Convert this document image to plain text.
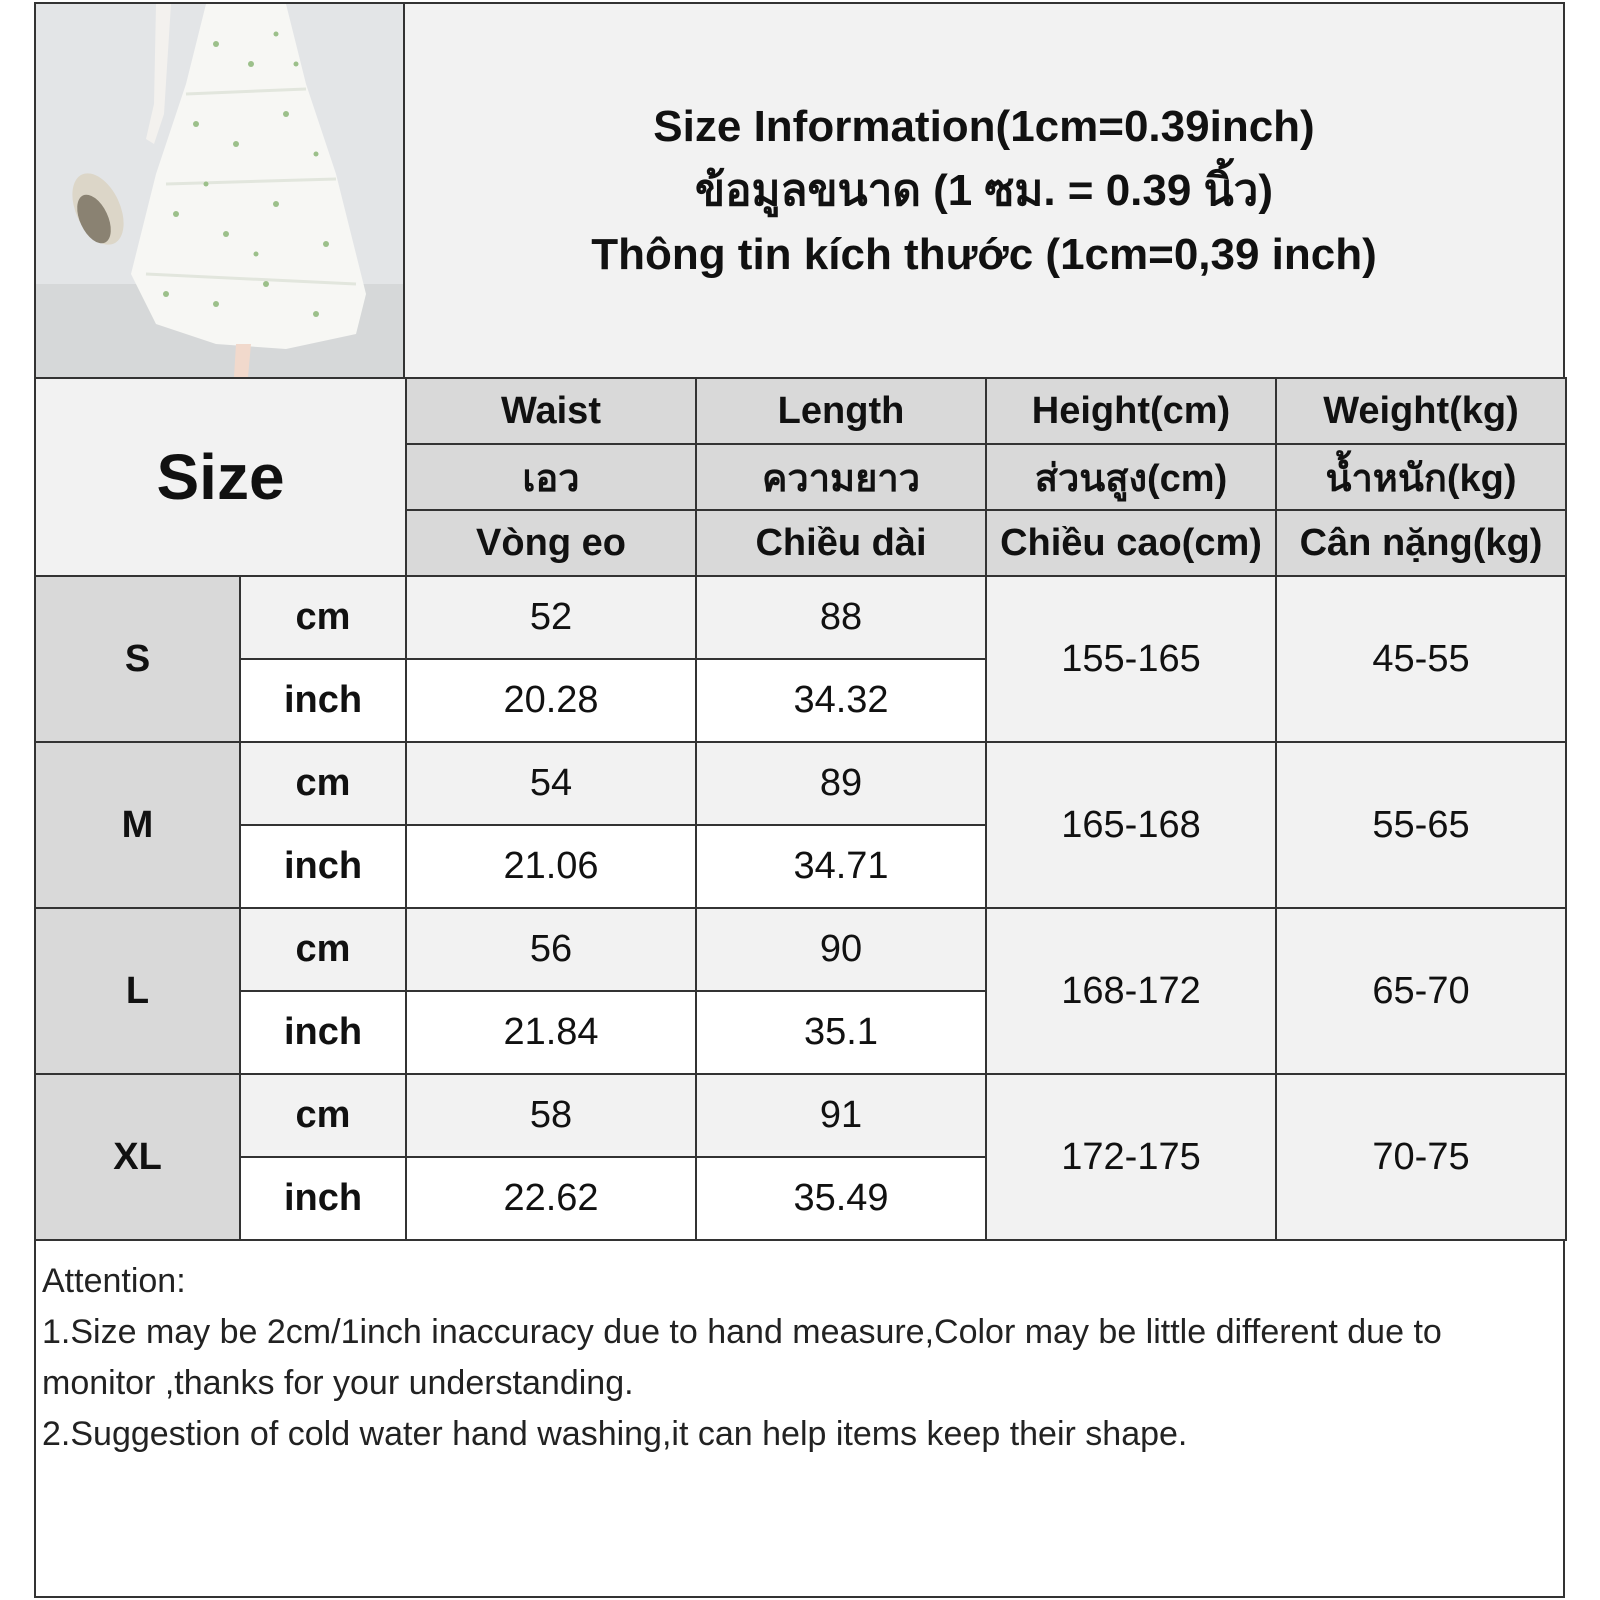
Size Information(1cm=0.39inch)
ข้อมูลขนาด (1 ซม. = 0.39 นิ้ว)
Thông tin kích thước (1cm=0,39 inch)
Size		Waist	Length	Height(cm)	Weight(kg)
		เอว	ความยาว	ส่วนสูง(cm)	น้ำหนัก(kg)
		Vòng eo	Chiều dài	Chiều cao(cm)	Cân nặng(kg)
S	cm	52	88	155-165	45-55
	inch	20.28	34.32		
M	cm	54	89	165-168	55-65
	inch	21.06	34.71		
L	cm	56	90	168-172	65-70
	inch	21.84	35.1		
XL	cm	58	91	172-175	70-75
	inch	22.62	35.49		
Attention:
1.Size may be 2cm/1inch inaccuracy due to hand measure,Color may be little different due to monitor ,thanks for your understanding.
2.Suggestion of cold water hand washing,it can help items keep their shape.
